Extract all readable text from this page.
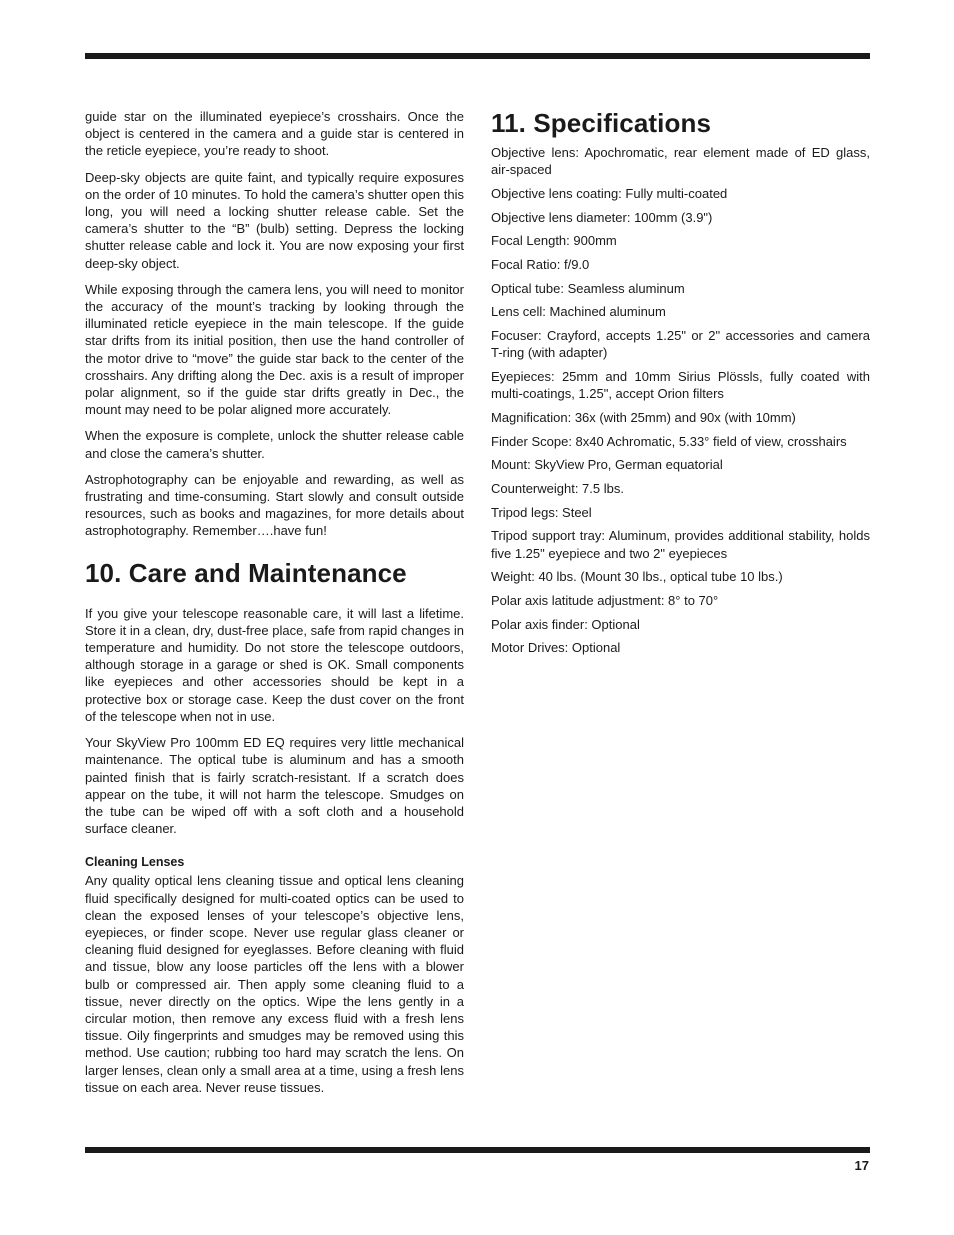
guide star on the illuminated eyepiece’s crosshairs. Once the object is centered in the camera and a guide star is centered in the reticle eyepiece, you’re ready to shoot.

Deep-sky objects are quite faint, and typically require exposures on the order of 10 minutes. To hold the camera’s shutter open this long, you will need a locking shutter release cable. Set the camera’s shutter to the “B” (bulb) setting. Depress the locking shutter release cable and lock it. You are now exposing your first deep-sky object.

While exposing through the camera lens, you will need to monitor the accuracy of the mount’s tracking by looking through the illuminated reticle eyepiece in the main telescope. If the guide star drifts from its initial position, then use the hand controller of the motor drive to “move” the guide star back to the center of the crosshairs. Any drifting along the Dec. axis is a result of improper polar alignment, so if the guide star drifts greatly in Dec., the mount may need to be polar aligned more accurately.

When the exposure is complete, unlock the shutter release cable and close the camera’s shutter.

Astrophotography can be enjoyable and rewarding, as well as frustrating and time-consuming. Start slowly and consult outside resources, such as books and magazines, for more details about astrophotography. Remember….have fun!

10. Care and Maintenance

If you give your telescope reasonable care, it will last a lifetime. Store it in a clean, dry, dust-free place, safe from rapid changes in temperature and humidity. Do not store the telescope outdoors, although storage in a garage or shed is OK. Small components like eyepieces and other accessories should be kept in a protective box or storage case. Keep the dust cover on the front of the telescope when not in use.

Your SkyView Pro 100mm ED EQ requires very little mechanical maintenance. The optical tube is aluminum and has a smooth painted finish that is fairly scratch-resistant. If a scratch does appear on the tube, it will not harm the telescope. Smudges on the tube can be wiped off with a soft cloth and a household surface cleaner.

Cleaning Lenses

Any quality optical lens cleaning tissue and optical lens cleaning fluid specifically designed for multi-coated optics can be used to clean the exposed lenses of your telescope’s objective lens, eyepieces, or finder scope. Never use regular glass cleaner or cleaning fluid designed for eyeglasses. Before cleaning with fluid and tissue, blow any loose particles off the lens with a blower bulb or compressed air. Then apply some cleaning fluid to a tissue, never directly on the optics. Wipe the lens gently in a circular motion, then remove any excess fluid with a fresh lens tissue. Oily fingerprints and smudges may be removed using this method. Use caution; rubbing too hard may scratch the lens. On larger lenses, clean only a small area at a time, using a fresh lens tissue on each area. Never reuse tissues.

11. Specifications

Objective lens: Apochromatic, rear element made of ED glass, air-spaced

Objective lens coating: Fully multi-coated

Objective lens diameter: 100mm (3.9")

Focal Length: 900mm

Focal Ratio: f/9.0

Optical tube: Seamless aluminum

Lens cell: Machined aluminum

Focuser: Crayford, accepts 1.25" or 2" accessories and camera T-ring (with adapter)

Eyepieces: 25mm and 10mm Sirius Plössls, fully coated with multi-coatings, 1.25", accept Orion filters

Magnification: 36x (with 25mm) and 90x (with 10mm)

Finder Scope: 8x40 Achromatic, 5.33° field of view, crosshairs

Mount: SkyView Pro, German equatorial

Counterweight: 7.5 lbs.

Tripod legs: Steel

Tripod support tray: Aluminum, provides additional stability, holds five 1.25" eyepiece and two 2" eyepieces

Weight: 40 lbs. (Mount 30 lbs., optical tube 10 lbs.)

Polar axis latitude adjustment: 8° to 70°

Polar axis finder: Optional

Motor Drives: Optional

17
